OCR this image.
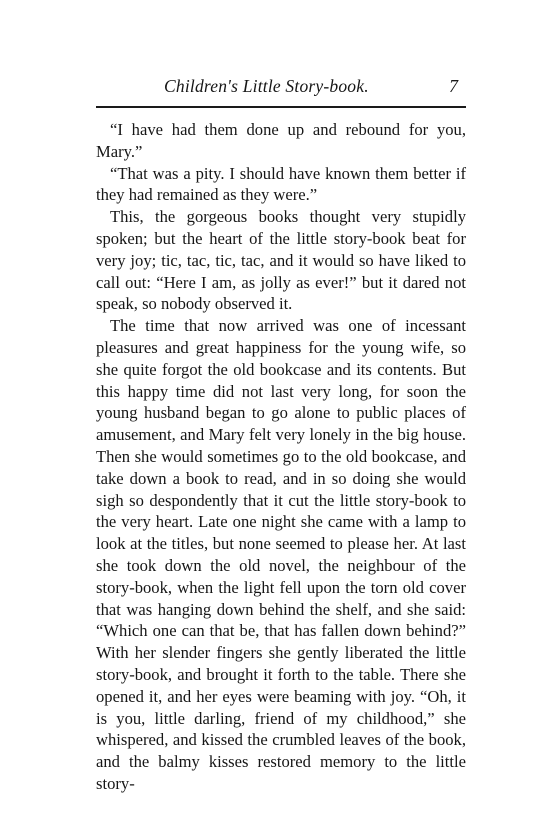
Children's Little Story-book.	7

“I have had them done up and rebound for you, Mary.”

“That was a pity. I should have known them better if they had remained as they were.”

This, the gorgeous books thought very stupidly spoken; but the heart of the little story-book beat for very joy; tic, tac, tic, tac, and it would so have liked to call out: “Here I am, as jolly as ever!” but it dared not speak, so nobody observed it.

The time that now arrived was one of incessant pleasures and great happiness for the young wife, so she quite forgot the old bookcase and its contents. But this happy time did not last very long, for soon the young husband began to go alone to public places of amusement, and Mary felt very lonely in the big house. Then she would sometimes go to the old bookcase, and take down a book to read, and in so doing she would sigh so despondently that it cut the little story-book to the very heart. Late one night she came with a lamp to look at the titles, but none seemed to please her. At last she took down the old novel, the neighbour of the story-book, when the light fell upon the torn old cover that was hanging down behind the shelf, and she said: “Which one can that be, that has fallen down behind?” With her slender fingers she gently liberated the little story-book, and brought it forth to the table. There she opened it, and her eyes were beaming with joy. “Oh, it is you, little darling, friend of my childhood,” she whispered, and kissed the crumbled leaves of the book, and the balmy kisses restored memory to the little story-
